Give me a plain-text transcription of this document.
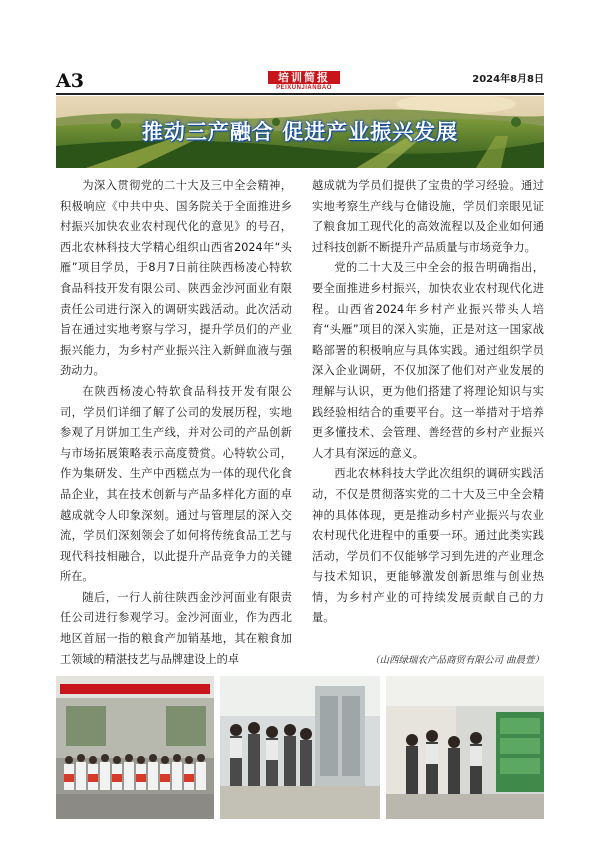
A3	培训简报
PEIXUNJIANBAO
2024年8月8日
推动三产融合 促进产业振兴发展

为深入贯彻党的二十大及三中全会精神，积极响应《中共中央、国务院关于全面推进乡村振兴加快农业农村现代化的意见》的号召，西北农林科技大学精心组织山西省2024年“头雁”项目学员，于8月7日前往陕西杨凌心特软食品科技开发有限公司、陕西金沙河面业有限责任公司进行深入的调研实践活动。此次活动旨在通过实地考察与学习，提升学员们的产业振兴能力，为乡村产业振兴注入新鲜血液与强劲动力。

在陕西杨凌心特软食品科技开发有限公司，学员们详细了解了公司的发展历程，实地参观了月饼加工生产线，并对公司的产品创新与市场拓展策略表示高度赞赏。心特软公司，作为集研发、生产中西糕点为一体的现代化食品企业，其在技术创新与产品多样化方面的卓越成就令人印象深刻。通过与管理层的深入交流，学员们深刻领会了如何将传统食品工艺与现代科技相融合，以此提升产品竞争力的关键所在。

随后，一行人前往陕西金沙河面业有限责任公司进行参观学习。金沙河面业，作为西北地区首屈一指的粮食产加销基地，其在粮食加工领域的精湛技艺与品牌建设上的卓

越成就为学员们提供了宝贵的学习经验。通过实地考察生产线与仓储设施，学员们亲眼见证了粮食加工现代化的高效流程以及企业如何通过科技创新不断提升产品质量与市场竞争力。

党的二十大及三中全会的报告明确指出，要全面推进乡村振兴，加快农业农村现代化进程。山西省2024年乡村产业振兴带头人培育“头雁”项目的深入实施，正是对这一国家战略部署的积极响应与具体实践。通过组织学员深入企业调研，不仅加深了他们对产业发展的理解与认识，更为他们搭建了将理论知识与实践经验相结合的重要平台。这一举措对于培养更多懂技术、会管理、善经营的乡村产业振兴人才具有深远的意义。

西北农林科技大学此次组织的调研实践活动，不仅是贯彻落实党的二十大及三中全会精神的具体体现，更是推动乡村产业振兴与农业农村现代化进程中的重要一环。通过此类实践活动，学员们不仅能够学习到先进的产业理念与技术知识，更能够激发创新思维与创业热情，为乡村产业的可持续发展贡献自己的力量。

（山西绿瑞农产品商贸有限公司 曲晨萱）
